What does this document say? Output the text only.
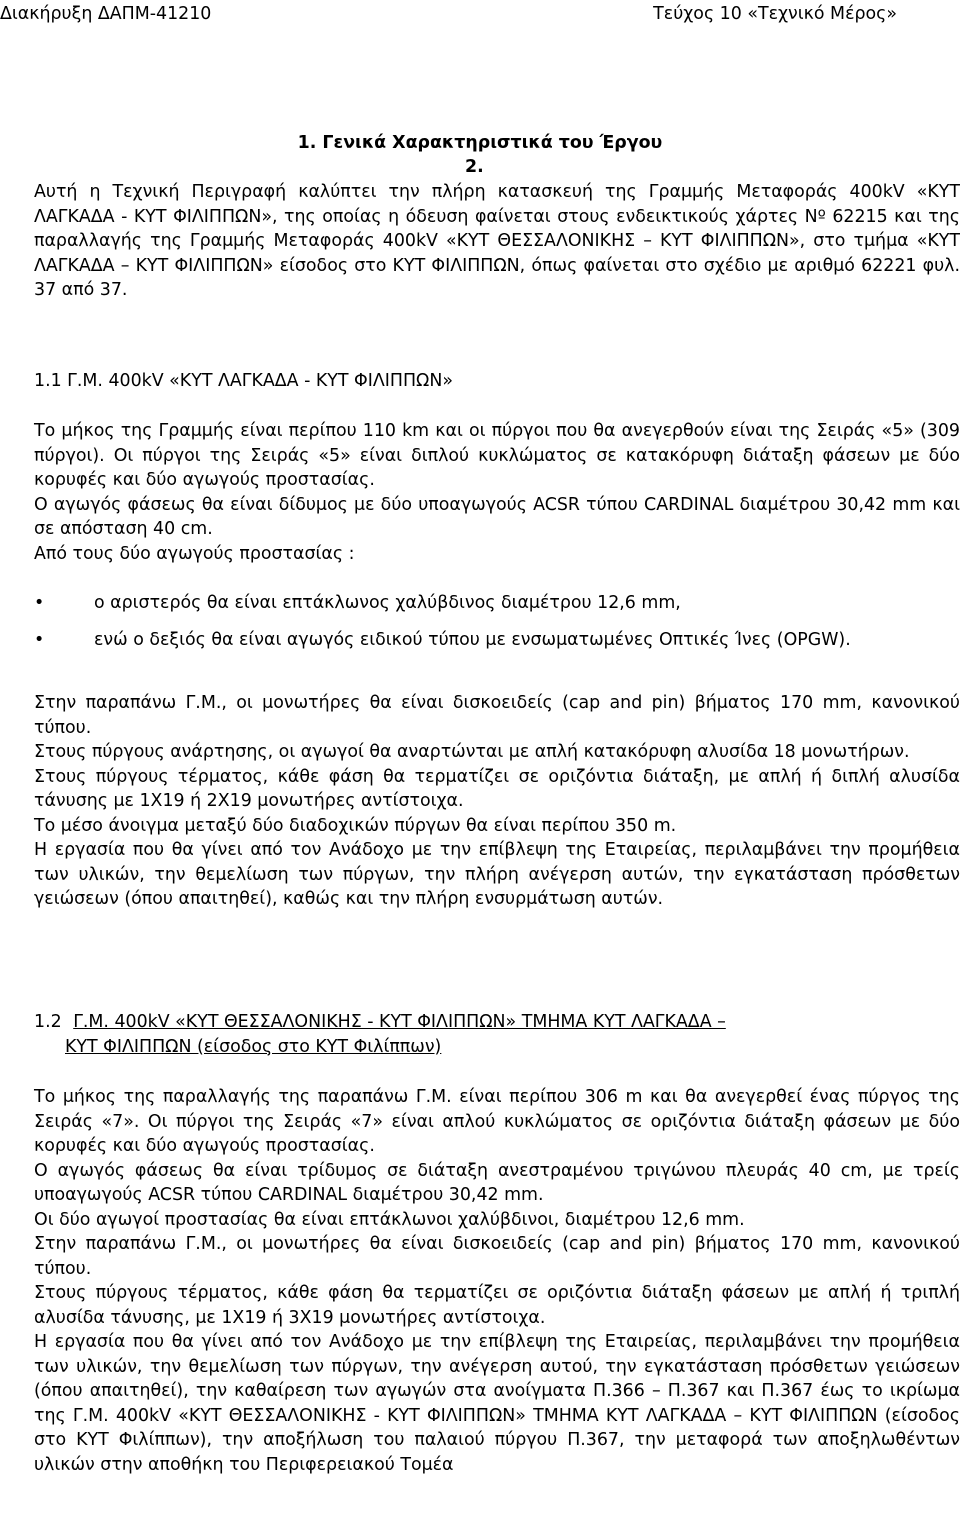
Διακήρυξη ΔΑΠΜ-41210	Τεύχος 10 «Τεχνικό Μέρος»
1. Γενικά Χαρακτηριστικά του Έργου
2.

Αυτή η Τεχνική Περιγραφή καλύπτει την πλήρη κατασκευή της Γραμμής Μεταφοράς 400kV «ΚΥΤ ΛΑΓΚΑΔΑ - ΚΥΤ ΦΙΛΙΠΠΩΝ», της οποίας η όδευση φαίνεται στους ενδεικτικούς χάρτες Νº 62215 και της παραλλαγής της Γραμμής Μεταφοράς 400kV «ΚΥΤ ΘΕΣΣΑΛΟΝΙΚΗΣ – ΚΥΤ ΦΙΛΙΠΠΩΝ», στο τμήμα «ΚΥΤ ΛΑΓΚΑΔΑ – ΚΥΤ ΦΙΛΙΠΠΩΝ» είσοδος στο ΚΥΤ ΦΙΛΙΠΠΩΝ, όπως φαίνεται στο σχέδιο με αριθμό 62221 φυλ. 37 από 37.

1.1 Γ.Μ. 400kV «ΚΥΤ ΛΑΓΚΑΔΑ - ΚΥΤ ΦΙΛΙΠΠΩΝ»

Το μήκος της Γραμμής είναι περίπου 110 km και οι πύργοι που θα ανεγερθούν είναι της Σειράς «5» (309 πύργοι). Οι πύργοι της Σειράς «5» είναι διπλού κυκλώματος σε κατακόρυφη διάταξη φάσεων με δύο κορυφές και δύο αγωγούς προστασίας.

Ο αγωγός φάσεως θα είναι δίδυμος με δύο υποαγωγούς ACSR τύπου CARDINAL διαμέτρου 30,42 mm και σε απόσταση 40 cm.

Από τους δύο αγωγούς προστασίας :

•	ο αριστερός θα είναι επτάκλωνος χαλύβδινος διαμέτρου 12,6 mm,
•	ενώ ο δεξιός θα είναι αγωγός ειδικού τύπου με ενσωματωμένες Οπτικές Ίνες (OPGW).

Στην παραπάνω Γ.Μ., οι μονωτήρες θα είναι δισκοειδείς (cap and pin) βήματος 170 mm, κανονικού τύπου.

Στους πύργους ανάρτησης, οι αγωγοί θα αναρτώνται με απλή κατακόρυφη αλυσίδα 18 μονωτήρων.

Στους πύργους τέρματος, κάθε φάση θα τερματίζει σε οριζόντια διάταξη, με απλή ή διπλή αλυσίδα τάνυσης με 1Χ19 ή 2Χ19 μονωτήρες αντίστοιχα.

Το μέσο άνοιγμα μεταξύ δύο διαδοχικών πύργων θα είναι περίπου 350 m.

Η εργασία που θα γίνει από τον Ανάδοχο με την επίβλεψη της Εταιρείας, περιλαμβάνει την προμήθεια των υλικών, την θεμελίωση των πύργων, την πλήρη ανέγερση αυτών, την εγκατάσταση πρόσθετων γειώσεων (όπου απαιτηθεί), καθώς και την πλήρη ενσυρμάτωση αυτών.

1.2 Γ.Μ. 400kV «ΚΥΤ ΘΕΣΣΑΛΟΝΙΚΗΣ - ΚΥΤ ΦΙΛΙΠΠΩΝ» ΤΜΗΜΑ ΚΥΤ ΛΑΓΚΑΔΑ –
ΚΥΤ ΦΙΛΙΠΠΩΝ (είσοδος στο ΚΥΤ Φιλίππων)

Το μήκος της παραλλαγής της παραπάνω Γ.Μ. είναι περίπου 306 m και θα ανεγερθεί ένας πύργος της Σειράς «7». Οι πύργοι της Σειράς «7» είναι απλού κυκλώματος σε οριζόντια διάταξη φάσεων με δύο κορυφές και δύο αγωγούς προστασίας.

Ο αγωγός φάσεως θα είναι τρίδυμος σε διάταξη ανεστραμένου τριγώνου πλευράς 40 cm, με τρείς υποαγωγούς ACSR τύπου CARDINAL διαμέτρου 30,42 mm.

Οι δύο αγωγοί προστασίας θα είναι επτάκλωνοι χαλύβδινοι, διαμέτρου 12,6 mm.

Στην παραπάνω Γ.Μ., οι μονωτήρες θα είναι δισκοειδείς (cap and pin) βήματος 170 mm, κανονικού τύπου.

Στους πύργους τέρματος, κάθε φάση θα τερματίζει σε οριζόντια διάταξη φάσεων με απλή ή τριπλή αλυσίδα τάνυσης, με 1Χ19 ή 3Χ19 μονωτήρες αντίστοιχα.

Η εργασία που θα γίνει από τον Ανάδοχο με την επίβλεψη της Εταιρείας, περιλαμβάνει την προμήθεια των υλικών, την θεμελίωση των πύργων, την ανέγερση αυτού, την εγκατάσταση πρόσθετων γειώσεων (όπου απαιτηθεί), την καθαίρεση των αγωγών στα ανοίγματα Π.366 – Π.367 και Π.367 έως το ικρίωμα της Γ.Μ. 400kV «ΚΥΤ ΘΕΣΣΑΛΟΝΙΚΗΣ - ΚΥΤ ΦΙΛΙΠΠΩΝ» ΤΜΗΜΑ ΚΥΤ ΛΑΓΚΑΔΑ – ΚΥΤ ΦΙΛΙΠΠΩΝ (είσοδος στο ΚΥΤ Φιλίππων), την αποξήλωση του παλαιού πύργου Π.367, την μεταφορά των αποξηλωθέντων υλικών στην αποθήκη του Περιφερειακού Τομέα
